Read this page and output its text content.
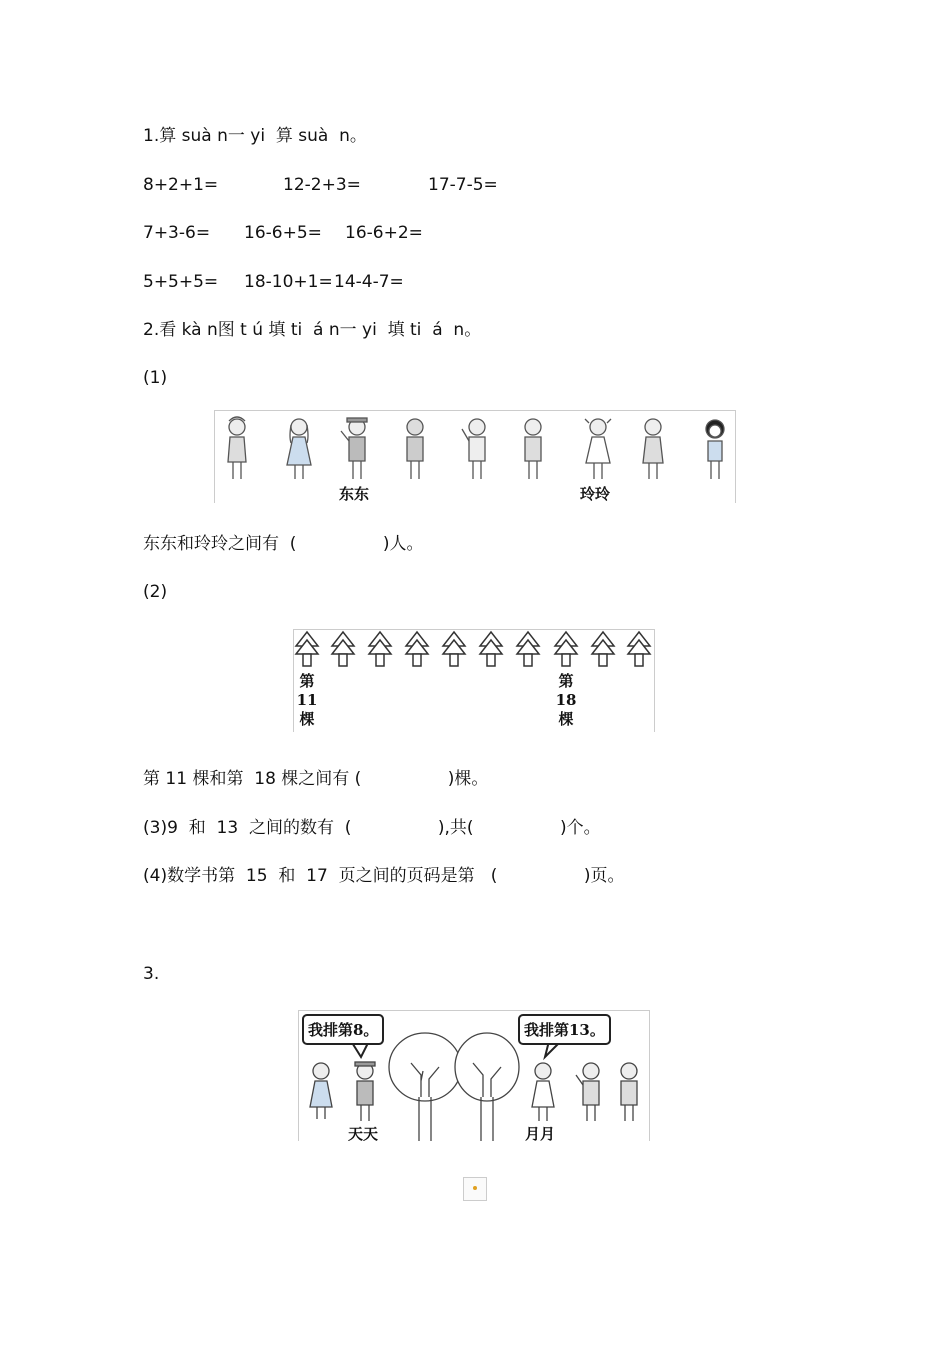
1.算 suà n一 yi  算 suà  n。
8+2+1=	12-2+3=	17-7-5=
7+3-6= 16-6+5= 16-6+2=
5+5+5= 18-10+1= 14-4-7=
2.看 kà n图 t ú 填 ti  á n一 yi  填 ti  á  n。
(1)
东东	玲玲
东东和玲玲之间有  (                )人。
(2)
第
11
棵
第
18
棵
第 11 棵和第  18 棵之间有 (                )棵。
(3)9  和  13  之间的数有  (                ),共(                )个。
(4)数学书第  15  和  17  页之间的页码是第   (                )页。
3.
我排第8。	我排第13。
天天	月月
